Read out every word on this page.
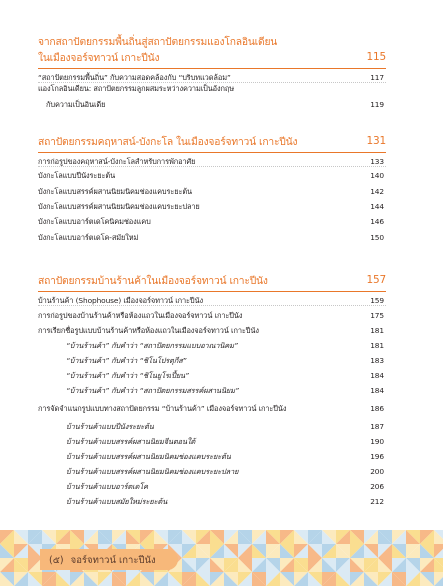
จากสถาปัตยกรรมพื้นถิ่นสู่สถาปัตยกรรมแองโกลอินเดียน
ในเมืองจอร์จทาวน์ เกาะปีนัง	115
“สถาปัตยกรรมพื้นถิ่น” กับความสอดคล้องกับ “บริบทแวดล้อม”	117
แองโกลอินเดียน: สถาปัตยกรรมลูกผสมระหว่างความเป็นอังกฤษ
กับความเป็นอินเดีย	119
สถาปัตยกรรมคฤหาสน์-บังกะโล ในเมืองจอร์จทาวน์ เกาะปีนัง	131
การก่อรูปของคฤหาสน์-บังกะโลสำหรับการพักอาศัย	133
บังกะโลแบบปีนังระยะต้น	140
บังกะโลแบบสรรค์ผสานนิยมนิคมช่องแคบระยะต้น	142
บังกะโลแบบสรรค์ผสานนิยมนิคมช่องแคบระยะปลาย	144
บังกะโลแบบอาร์ตเดโคนิคมช่องแคบ	146
บังกะโลแบบอาร์ตเดโค-สมัยใหม่	150
สถาปัตยกรรมบ้านร้านค้าในเมืองจอร์จทาวน์ เกาะปีนัง	157
บ้านร้านค้า (Shophouse) เมืองจอร์จทาวน์ เกาะปีนัง	159
การก่อรูปของบ้านร้านค้าหรือห้องแถวในเมืองจอร์จทาวน์ เกาะปีนัง	175
การเรียกชื่อรูปแบบบ้านร้านค้าหรือห้องแถวในเมืองจอร์จทาวน์ เกาะปีนัง	181
“บ้านร้านค้า” กับคำว่า “สถาปัตยกรรมแบบอาณานิคม”	181
“บ้านร้านค้า” กับคำว่า “ชิโนโปรตุกีส”	183
“บ้านร้านค้า” กับคำว่า “ชิโนยูโรเปี้ยน”	184
“บ้านร้านค้า” กับคำว่า “สถาปัตยกรรมสรรค์ผสานนิยม”	184
การจัดจำแนกรูปแบบทางสถาปัตยกรรม “บ้านร้านค้า” เมืองจอร์จทาวน์ เกาะปีนัง	186
บ้านร้านค้าแบบปีนังระยะต้น	187
บ้านร้านค้าแบบสรรค์ผสานนิยมจีนตอนใต้	190
บ้านร้านค้าแบบสรรค์ผสานนิยมนิคมช่องแคบระยะต้น	196
บ้านร้านค้าแบบสรรค์ผสานนิยมนิคมช่องแคบระยะปลาย	200
บ้านร้านค้าแบบอาร์ตเดโค	206
บ้านร้านค้าแบบสมัยใหม่ระยะต้น	212
(๕) จอร์จทาวน์ เกาะปีนัง
